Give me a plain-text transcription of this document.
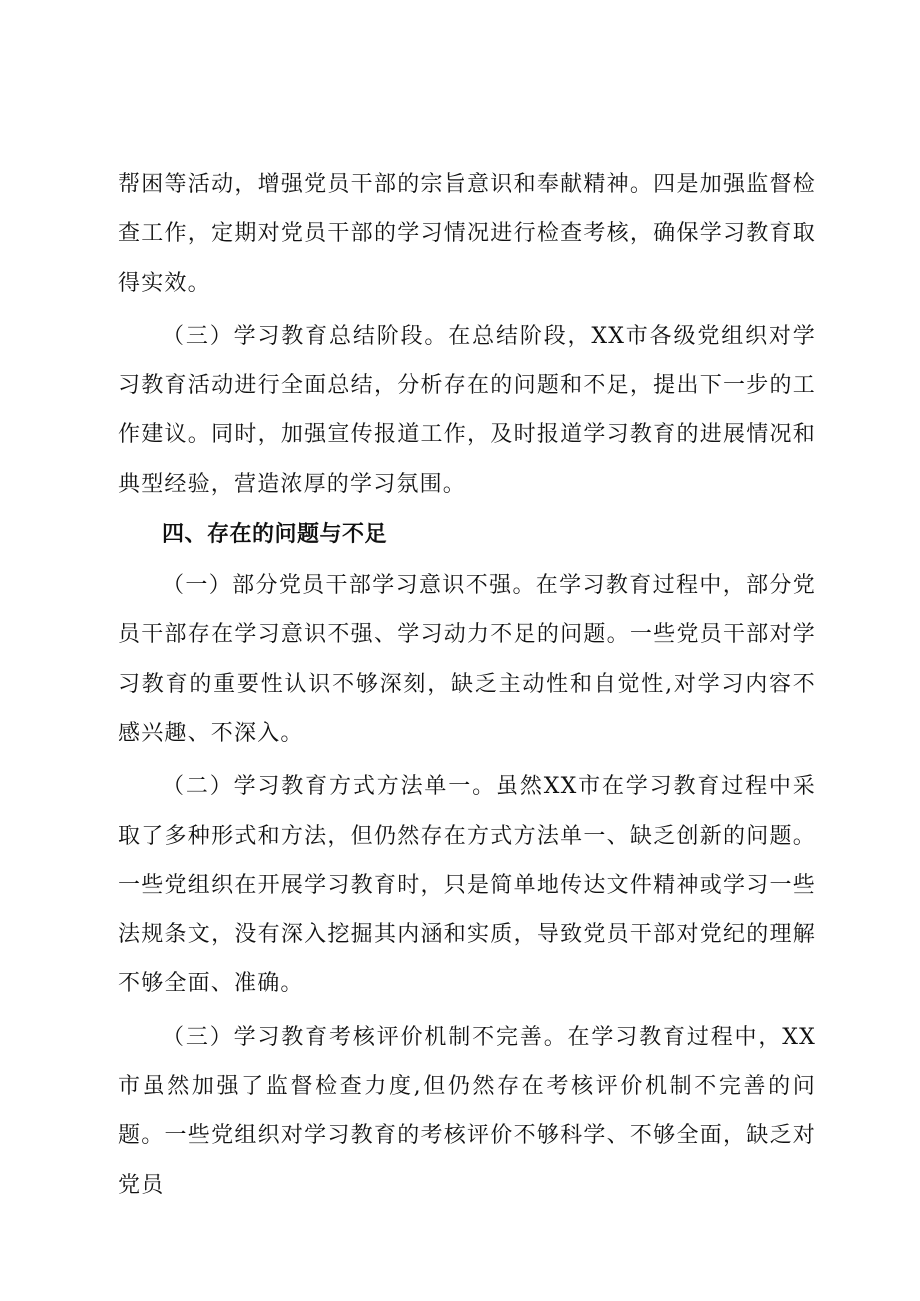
帮困等活动，增强党员干部的宗旨意识和奉献精神。四是加强监督检查工作，定期对党员干部的学习情况进行检查考核，确保学习教育取得实效。

（三）学习教育总结阶段。在总结阶段，XX市各级党组织对学习教育活动进行全面总结，分析存在的问题和不足，提出下一步的工作建议。同时，加强宣传报道工作，及时报道学习教育的进展情况和典型经验，营造浓厚的学习氛围。

四、存在的问题与不足

（一）部分党员干部学习意识不强。在学习教育过程中，部分党员干部存在学习意识不强、学习动力不足的问题。一些党员干部对学习教育的重要性认识不够深刻，缺乏主动性和自觉性,对学习内容不感兴趣、不深入。

（二）学习教育方式方法单一。虽然XX市在学习教育过程中采取了多种形式和方法，但仍然存在方式方法单一、缺乏创新的问题。一些党组织在开展学习教育时，只是简单地传达文件精神或学习一些法规条文，没有深入挖掘其内涵和实质，导致党员干部对党纪的理解不够全面、准确。

（三）学习教育考核评价机制不完善。在学习教育过程中，XX市虽然加强了监督检查力度,但仍然存在考核评价机制不完善的问题。一些党组织对学习教育的考核评价不够科学、不够全面，缺乏对党员
